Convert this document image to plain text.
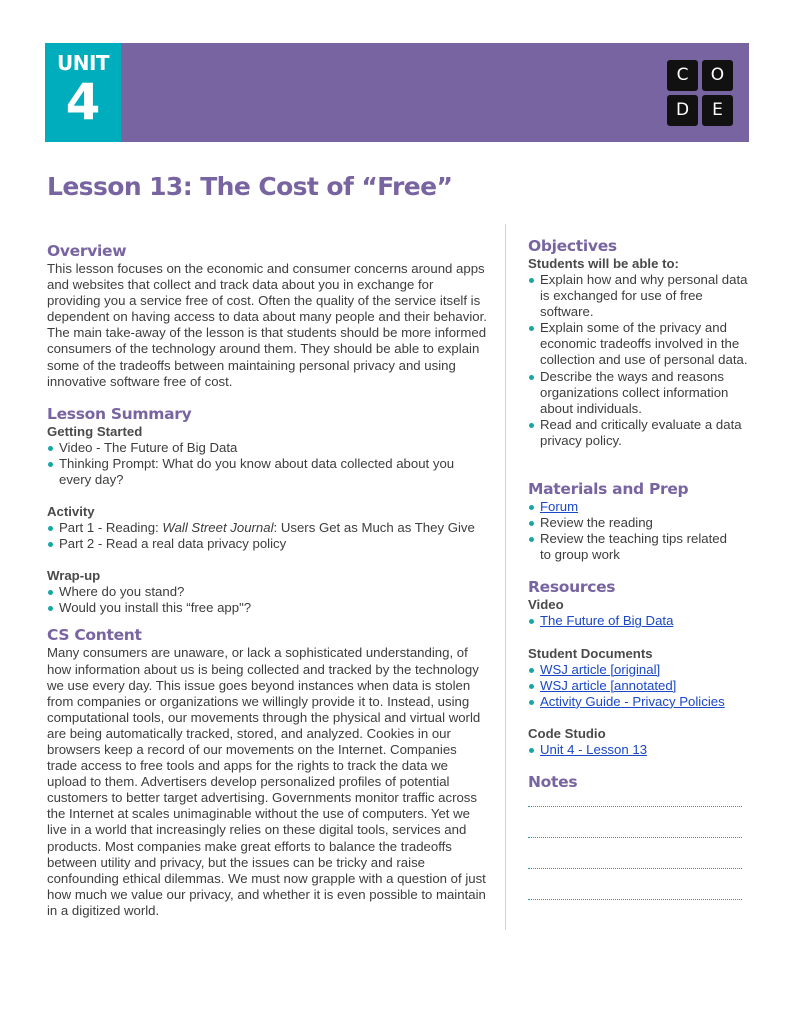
UNIT
4	C	O
D	E
Lesson 13: The Cost of “Free”
Overview

This lesson focuses on the economic and consumer concerns around apps and websites that collect and track data about you in exchange for providing you a service free of cost. Often the quality of the service itself is dependent on having access to data about many people and their behavior. The main take-away of the lesson is that students should be more informed consumers of the technology around them. They should be able to explain some of the tradeoffs between maintaining personal privacy and using innovative software free of cost.

Lesson Summary
Getting Started
Video - The Future of Big Data
Thinking Prompt: What do you know about data collected about you every day?
Activity
Part 1 - Reading: Wall Street Journal: Users Get as Much as They Give
Part 2 - Read a real data privacy policy
Wrap-up
Where do you stand?
Would you install this “free app"?
CS Content

Many consumers are unaware, or lack a sophisticated understanding, of how information about us is being collected and tracked by the technology we use every day. This issue goes beyond instances when data is stolen from companies or organizations we willingly provide it to. Instead, using computational tools, our movements through the physical and virtual world are being automatically tracked, stored, and analyzed. Cookies in our browsers keep a record of our movements on the Internet. Companies trade access to free tools and apps for the rights to track the data we upload to them. Advertisers develop personalized profiles of potential customers to better target advertising. Governments monitor traffic across the Internet at scales unimaginable without the use of computers. Yet we live in a world that increasingly relies on these digital tools, services and products. Most companies make great efforts to balance the tradeoffs between utility and privacy, but the issues can be tricky and raise confounding ethical dilemmas. We must now grapple with a question of just how much we value our privacy, and whether it is even possible to maintain in a digitized world.

Objectives
Students will be able to:
Explain how and why personal data is exchanged for use of free software.
Explain some of the privacy and economic tradeoffs involved in the collection and use of personal data.
Describe the ways and reasons organizations collect information about individuals.
Read and critically evaluate a data privacy policy.
Materials and Prep
Forum
Review the reading
Review the teaching tips related to group work
Resources
Video
The Future of Big Data
Student Documents
WSJ article [original]
WSJ article [annotated]
Activity Guide - Privacy Policies
Code Studio
Unit 4 - Lesson 13
Notes
